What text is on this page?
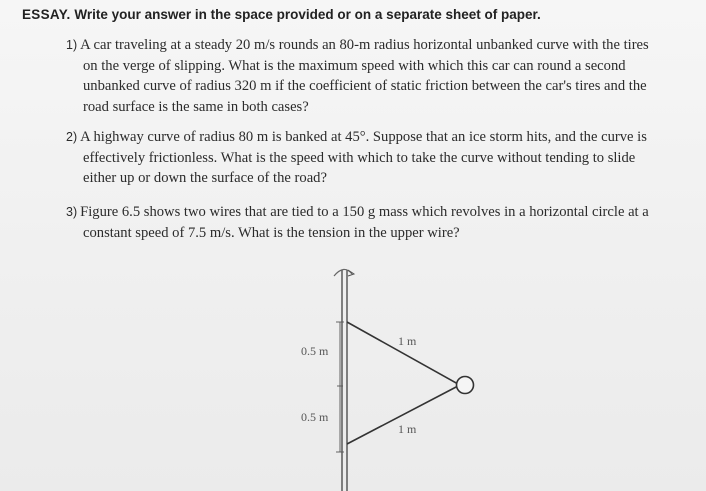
ESSAY. Write your answer in the space provided or on a separate sheet of paper.
1) A car traveling at a steady 20 m/s rounds an 80-m radius horizontal unbanked curve with the tires
on the verge of slipping. What is the maximum speed with which this car can round a second
unbanked curve of radius 320 m if the coefficient of static friction between the car's tires and the
road surface is the same in both cases?
2) A highway curve of radius 80 m is banked at 45°. Suppose that an ice storm hits, and the curve is
effectively frictionless. What is the speed with which to take the curve without tending to slide
either up or down the surface of the road?
3) Figure 6.5 shows two wires that are tied to a 150 g mass which revolves in a horizontal circle at a
constant speed of 7.5 m/s. What is the tension in the upper wire?
0.5 m
0.5 m
1 m
1 m
